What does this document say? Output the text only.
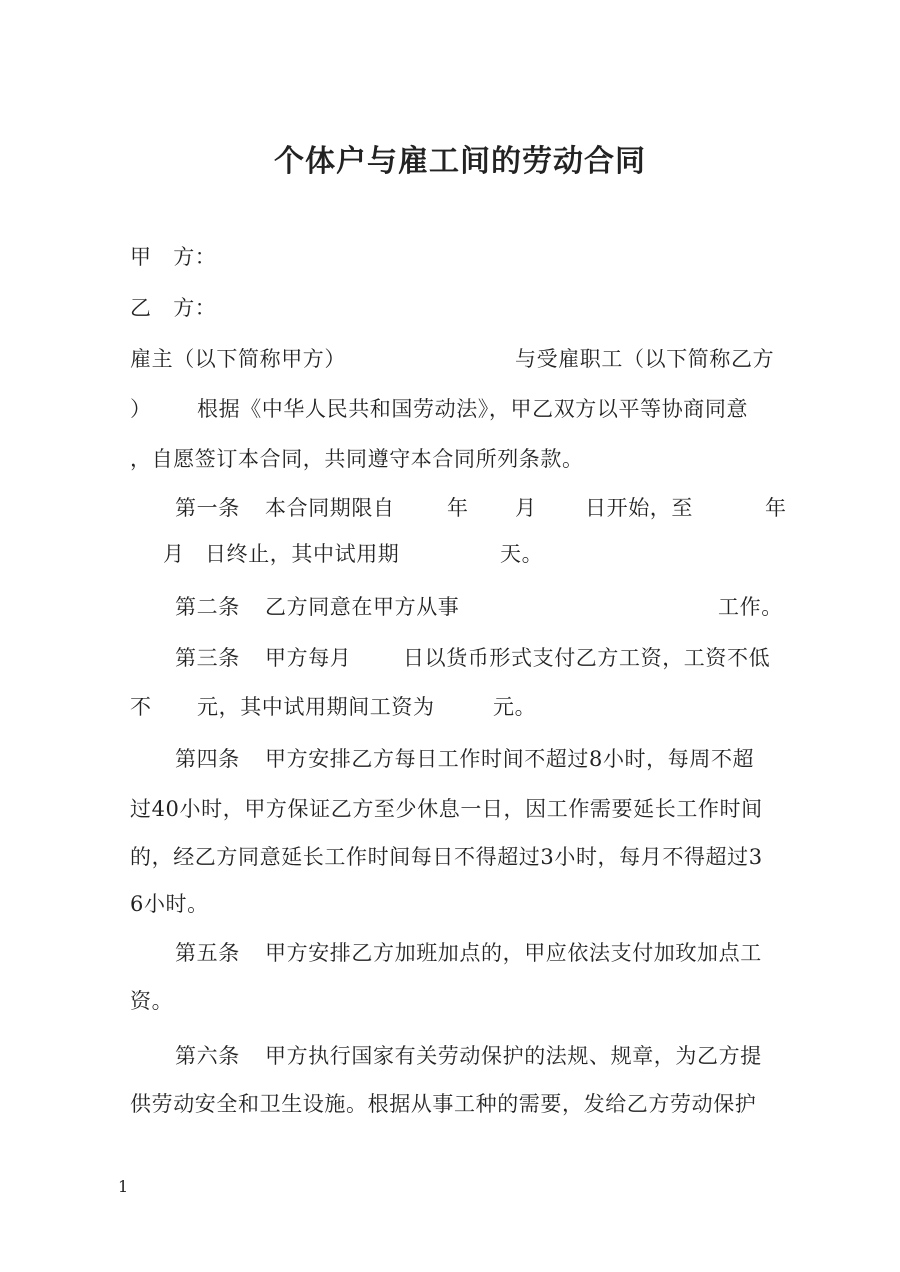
个体户与雇工间的劳动合同
甲　方：
乙　方：
雇主（以下简称甲方）	与受雇职工（以下简称乙方
） 根据《中华人民共和国劳动法》，甲乙双方以平等协商同意
，自愿签订本合同，共同遵守本合同所列条款。
第一条 本合同期限自 年 月 日开始，至	年
月 日终止，其中试用期	天。
第二条 乙方同意在甲方从事	工作。
第三条 甲方每月 日以货币形式支付乙方工资，工资不低
不 元，其中试用期间工资为	元。
第四条 甲方安排乙方每日工作时间不超过8小时，每周不超
过40小时，甲方保证乙方至少休息一日，因工作需要延长工作时间
的，经乙方同意延长工作时间每日不得超过3小时，每月不得超过3
6小时。
第五条 甲方安排乙方加班加点的，甲应依法支付加玫加点工
资。
第六条 甲方执行国家有关劳动保护的法规、规章，为乙方提
供劳动安全和卫生设施。根据从事工种的需要，发给乙方劳动保护
1
